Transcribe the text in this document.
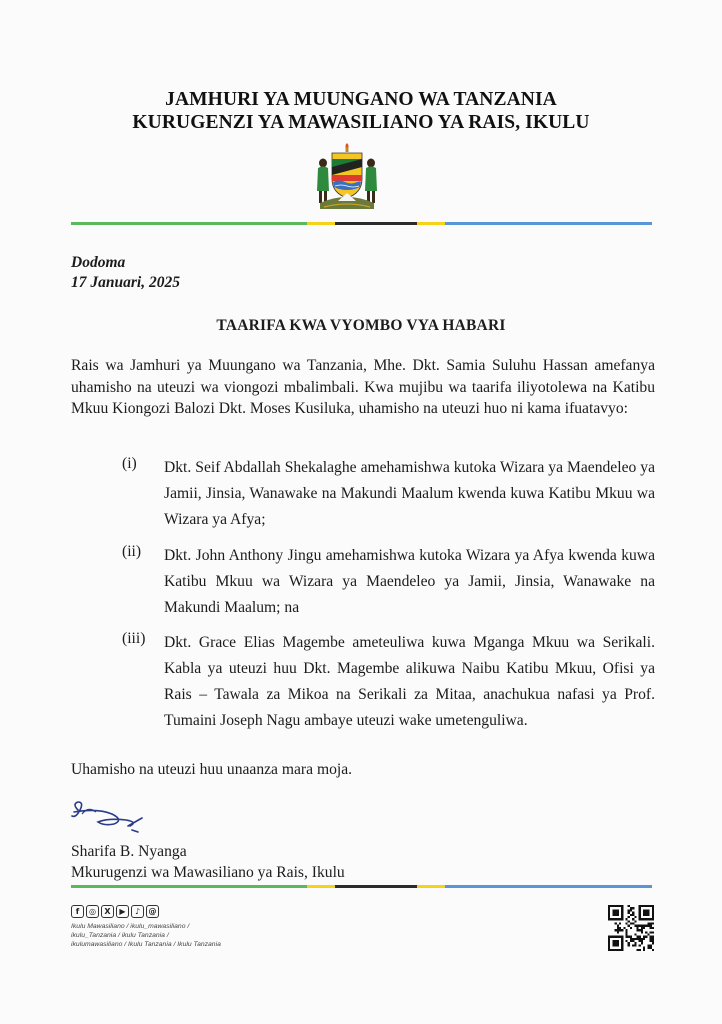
JAMHURI YA MUUNGANO WA TANZANIA
KURUGENZI YA MAWASILIANO YA RAIS, IKULU
Dodoma
17 Januari, 2025
TAARIFA KWA VYOMBO VYA HABARI
Rais wa Jamhuri ya Muungano wa Tanzania, Mhe. Dkt. Samia Suluhu Hassan amefanya uhamisho na uteuzi wa viongozi mbalimbali. Kwa mujibu wa taarifa iliyotolewa na Katibu Mkuu Kiongozi Balozi Dkt. Moses Kusiluka, uhamisho na uteuzi huo ni kama ifuatavyo:
(i) Dkt. Seif Abdallah Shekalaghe amehamishwa kutoka Wizara ya Maendeleo ya Jamii, Jinsia, Wanawake na Makundi Maalum kwenda kuwa Katibu Mkuu wa Wizara ya Afya;
(ii) Dkt. John Anthony Jingu amehamishwa kutoka Wizara ya Afya kwenda kuwa Katibu Mkuu wa Wizara ya Maendeleo ya Jamii, Jinsia, Wanawake na Makundi Maalum; na
(iii) Dkt. Grace Elias Magembe ameteuliwa kuwa Mganga Mkuu wa Serikali. Kabla ya uteuzi huu Dkt. Magembe alikuwa Naibu Katibu Mkuu, Ofisi ya Rais – Tawala za Mikoa na Serikali za Mitaa, anachukua nafasi ya Prof. Tumaini Joseph Nagu ambaye uteuzi wake umetenguliwa.
Uhamisho na uteuzi huu unaanza mara moja.
Sharifa B. Nyanga
Mkurugenzi wa Mawasiliano ya Rais, Ikulu
f	◎	X	▶	♪	@
Ikulu Mawasiliano / ikulu_mawasiliano /
ikulu_Tanzania / ikulu Tanzania /
ikulumawasiliano / Ikulu Tanzania / Ikulu Tanzania
